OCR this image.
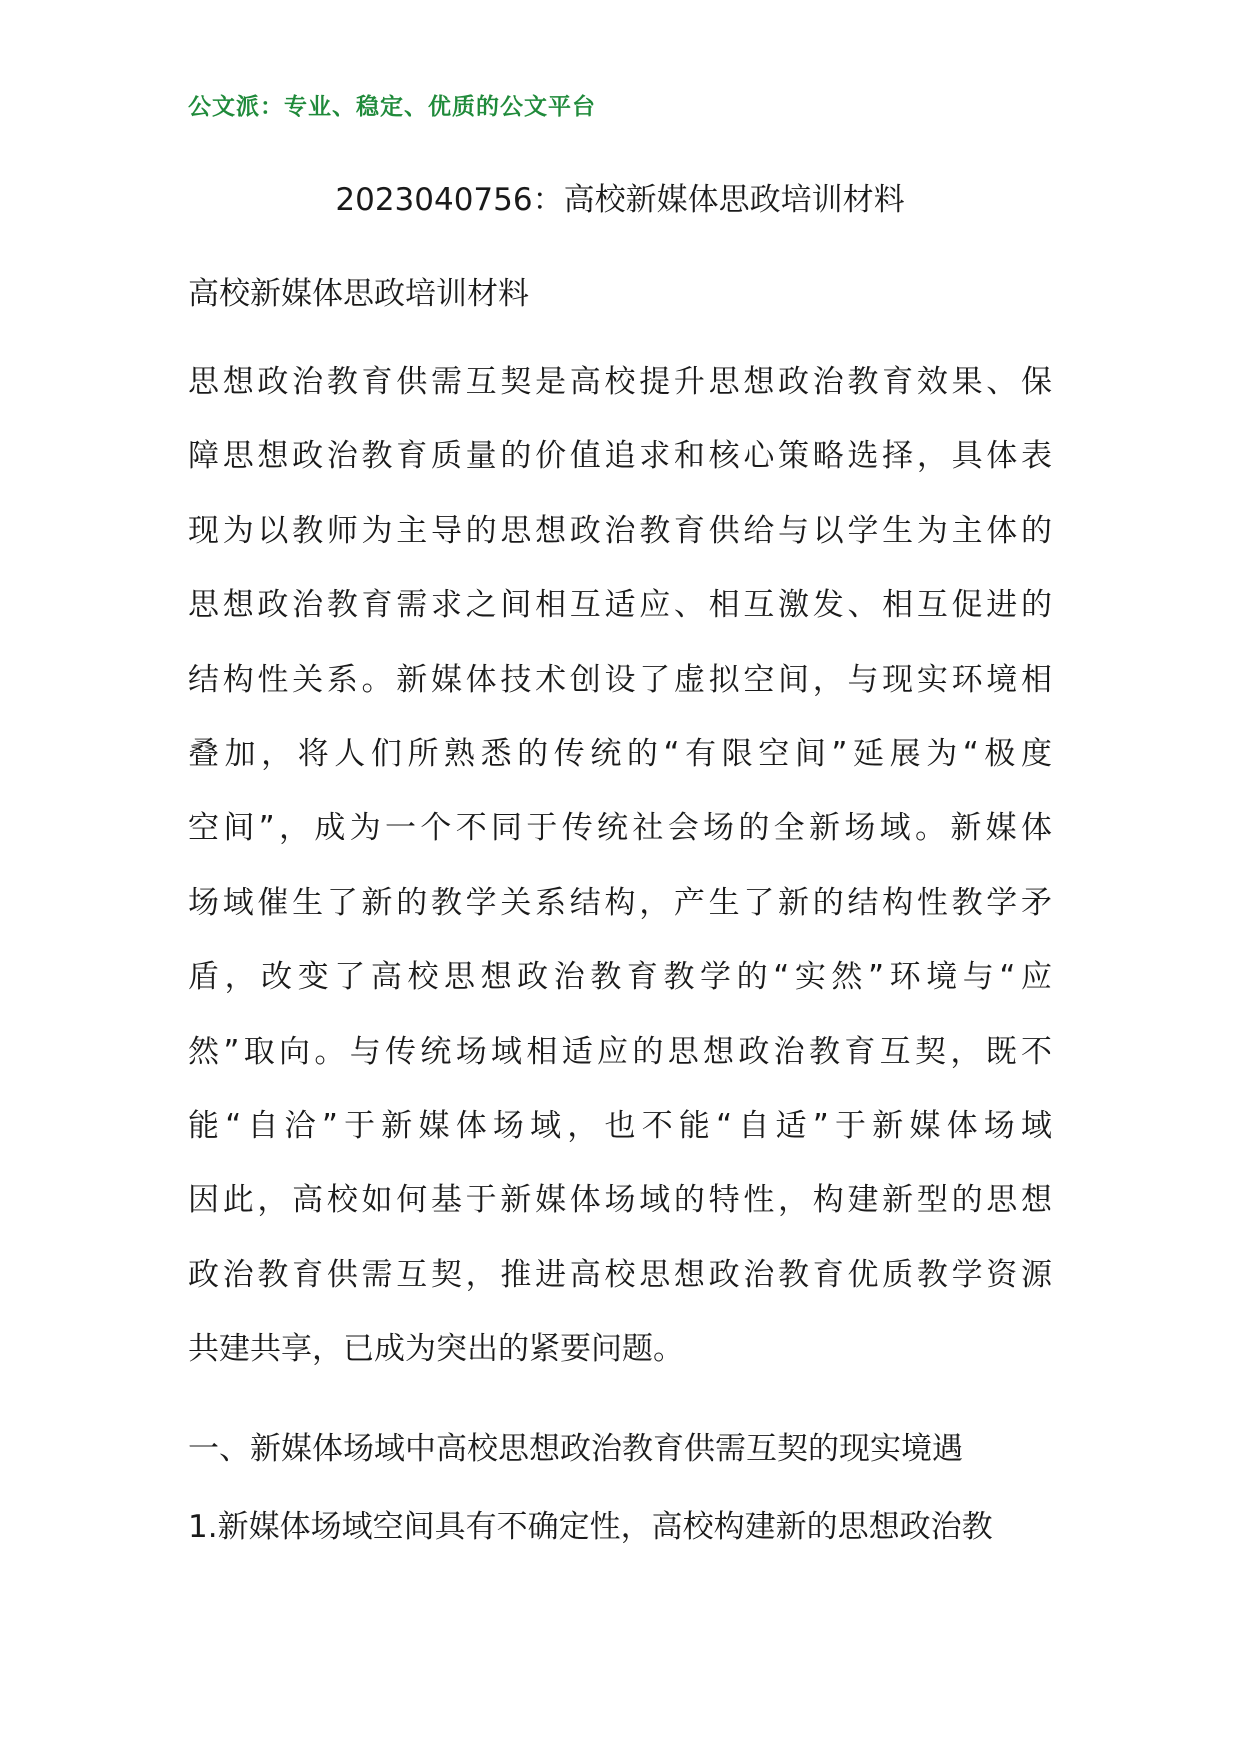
公文派：专业、稳定、优质的公文平台
2023040756：高校新媒体思政培训材料
高校新媒体思政培训材料
思想政治教育供需互契是高校提升思想政治教育效果、保
障思想政治教育质量的价值追求和核心策略选择，具体表
现为以教师为主导的思想政治教育供给与以学生为主体的
思想政治教育需求之间相互适应、相互激发、相互促进的
结构性关系。新媒体技术创设了虚拟空间，与现实环境相
叠加，将人们所熟悉的传统的“有限空间”延展为“极度
空间”，成为一个不同于传统社会场的全新场域。新媒体
场域催生了新的教学关系结构，产生了新的结构性教学矛
盾，改变了高校思想政治教育教学的“实然”环境与“应
然”取向。与传统场域相适应的思想政治教育互契，既不
能“自洽”于新媒体场域，也不能“自适”于新媒体场域
因此，高校如何基于新媒体场域的特性，构建新型的思想
政治教育供需互契，推进高校思想政治教育优质教学资源
共建共享，已成为突出的紧要问题。
一、新媒体场域中高校思想政治教育供需互契的现实境遇
1.新媒体场域空间具有不确定性，高校构建新的思想政治教
